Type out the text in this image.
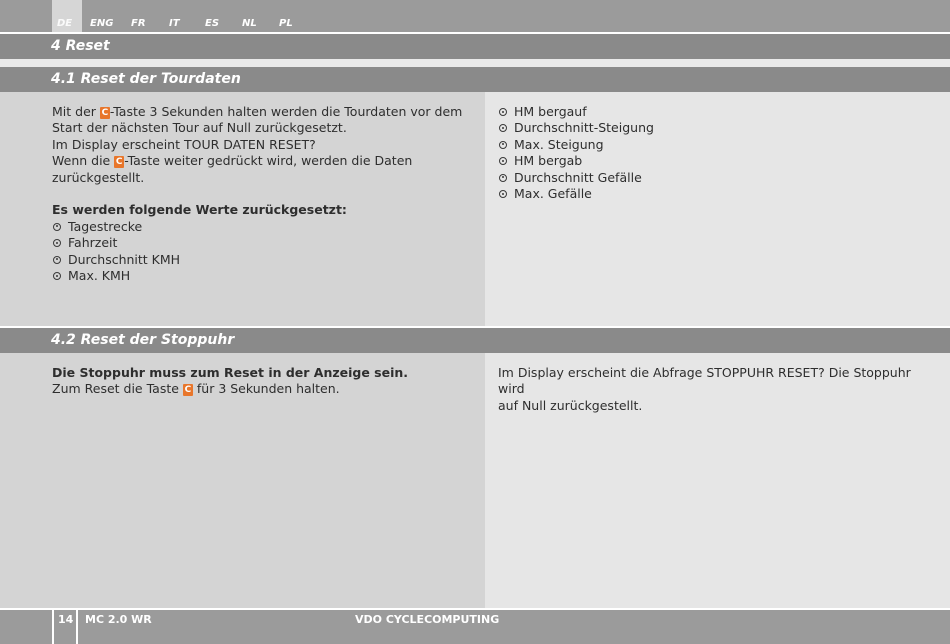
DE ENG FR IT	ES NL PL
4 Reset
4.1 Reset der Tourdaten

Mit der C -Taste 3 Sekunden halten werden die Tourdaten vor dem

Start der nächsten Tour auf Null zurückgesetzt.

Im Display erscheint TOUR DATEN RESET?

Wenn die C -Taste weiter gedrückt wird, werden die Daten

zurückgestellt.

Es werden folgende Werte zurückgesetzt:

Tagestrecke
Fahrzeit
Durchschnitt KMH
Max. KMH
HM bergauf
Durchschnitt-Steigung
Max. Steigung
HM bergab
Durchschnitt Gefälle
Max. Gefälle
4.2 Reset der Stoppuhr

Die Stoppuhr muss zum Reset in der Anzeige sein.

Zum Reset die Taste C für 3 Sekunden halten.

Im Display erscheint die Abfrage STOPPUHR RESET? Die Stoppuhr wird

auf Null zurückgestellt.

14 MC 2.0 WR	VDO CYCLECOMPUTING
